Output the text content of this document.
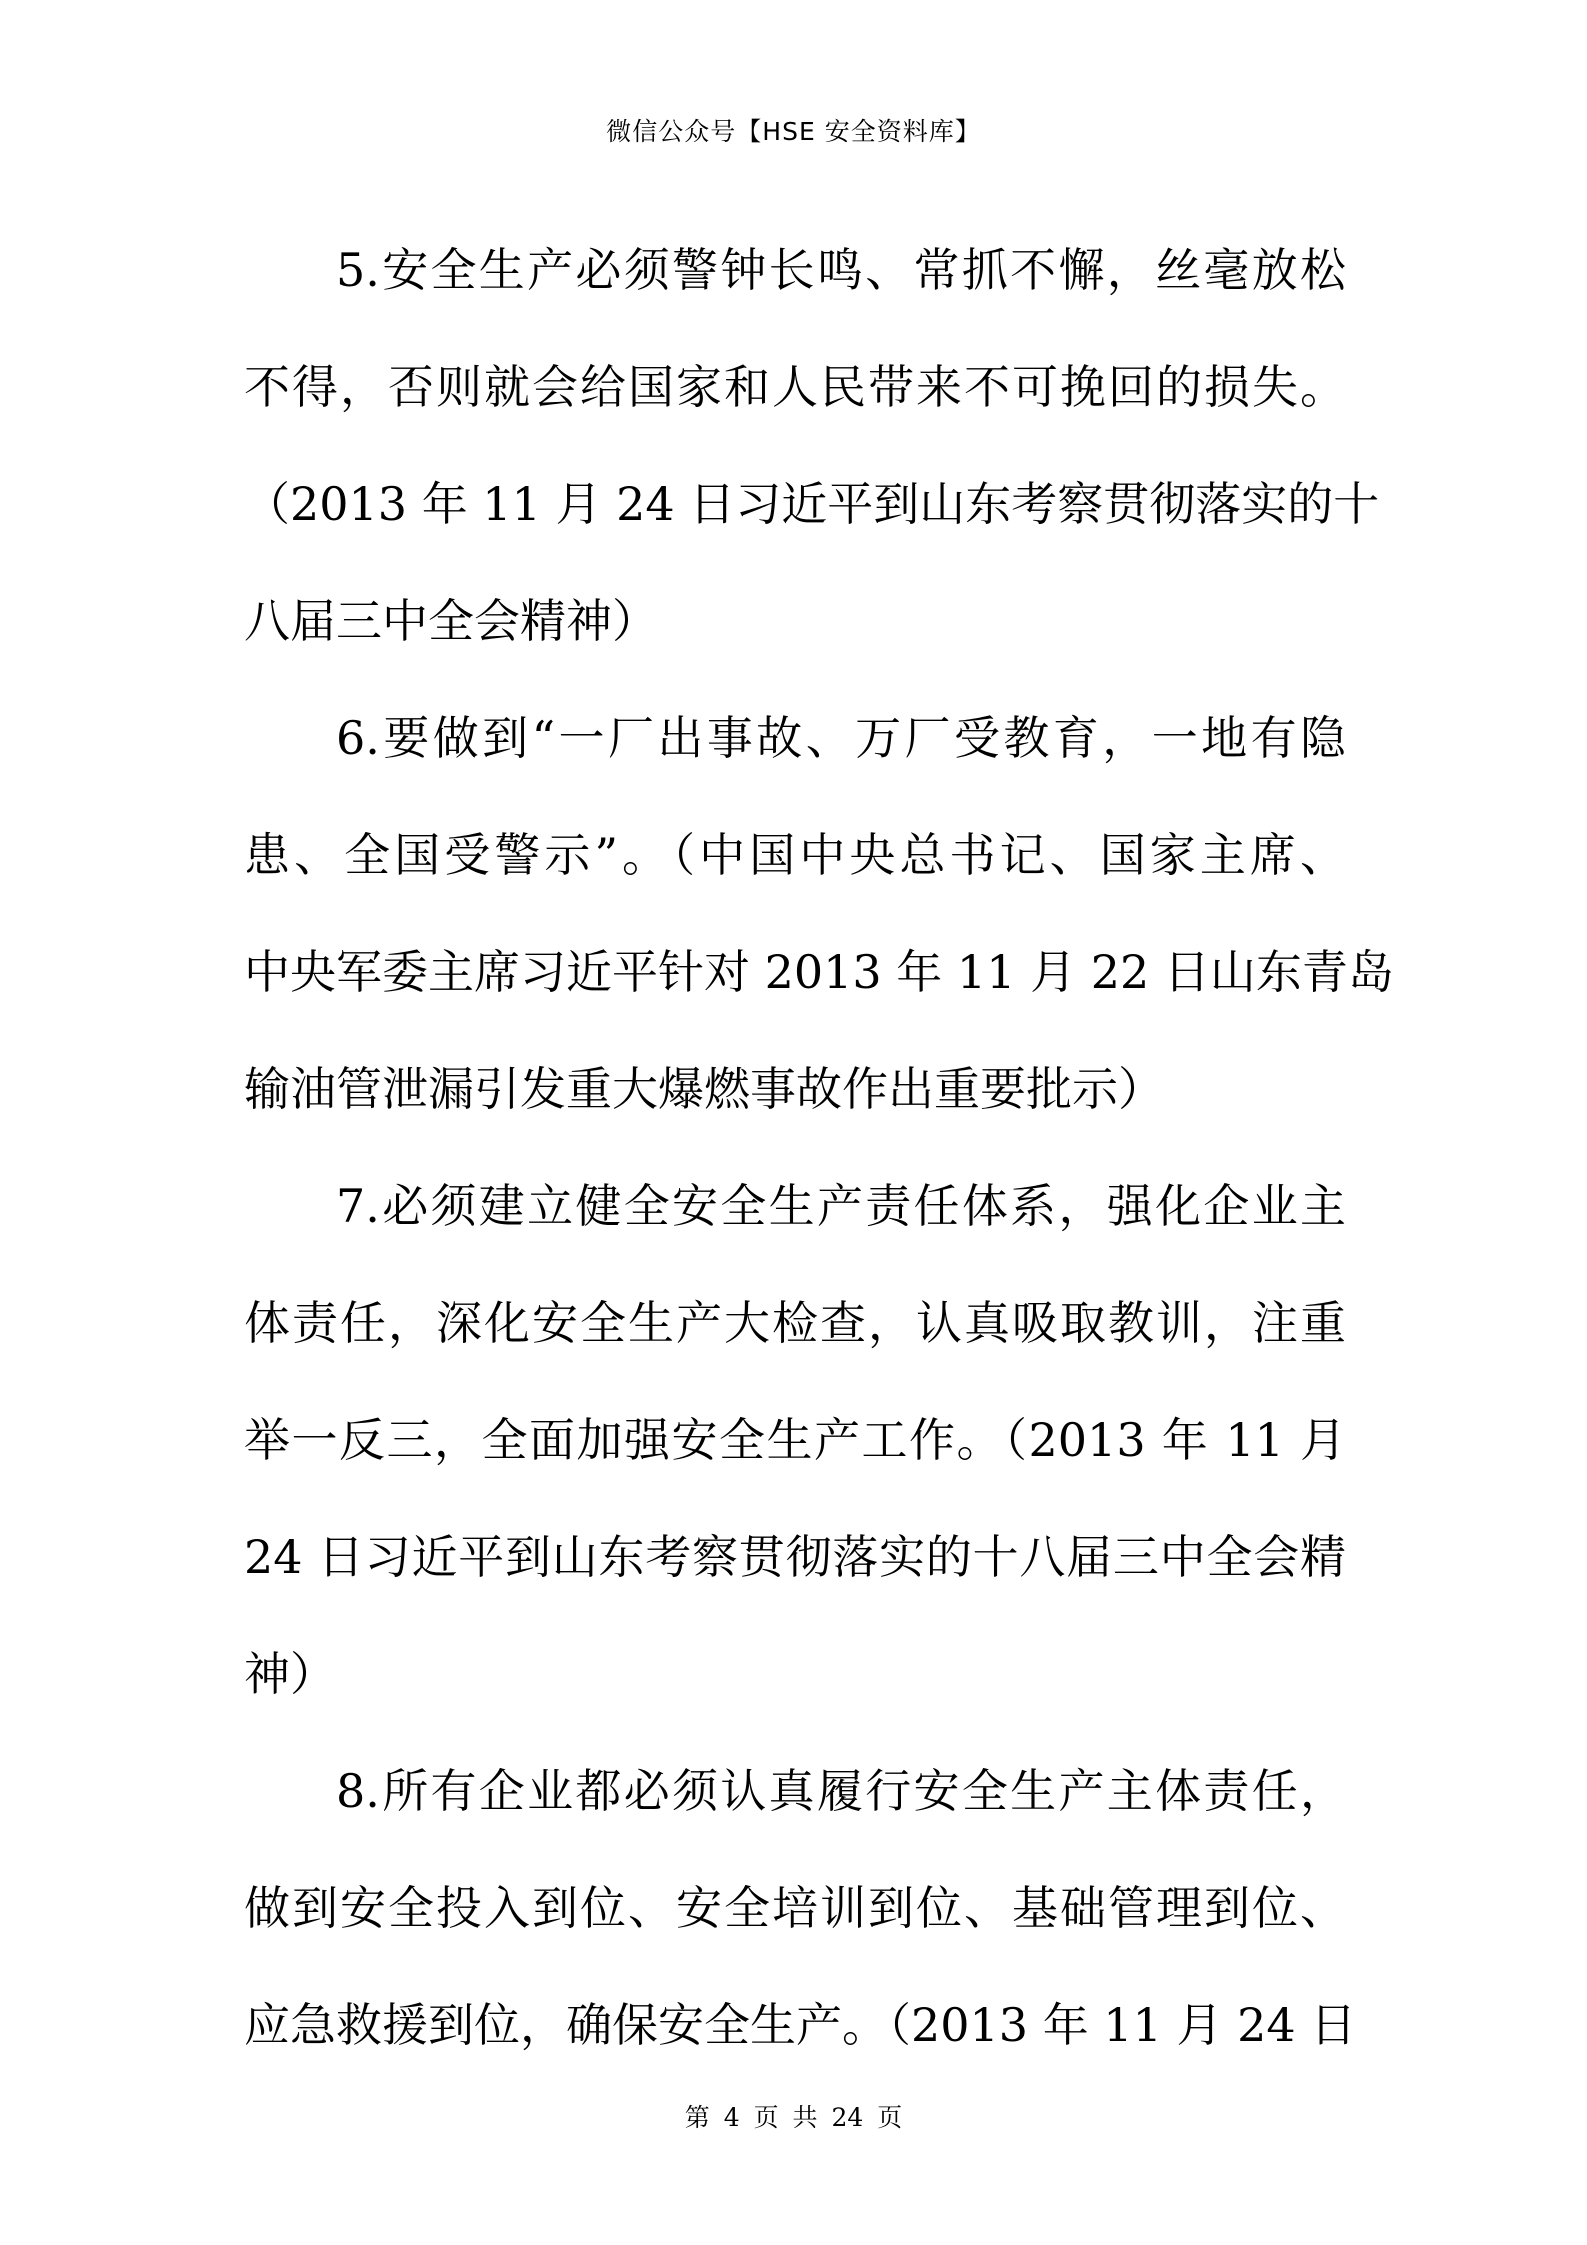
微信公众号【HSE 安全资料库】
5.安全生产必须警钟长鸣、常抓不懈，丝毫放松
不得，否则就会给国家和人民带来不可挽回的损失。
（2013 年 11 月 24 日习近平到山东考察贯彻落实的十
八届三中全会精神）
6.要做到“一厂出事故、万厂受教育，一地有隐
患、全国受警示”。（中国中央总书记、国家主席、
中央军委主席习近平针对 2013 年 11 月 22 日山东青岛
输油管泄漏引发重大爆燃事故作出重要批示）
7.必须建立健全安全生产责任体系，强化企业主
体责任，深化安全生产大检查，认真吸取教训，注重
举一反三，全面加强安全生产工作。（2013 年 11 月
24 日习近平到山东考察贯彻落实的十八届三中全会精
神）
8.所有企业都必须认真履行安全生产主体责任，
做到安全投入到位、安全培训到位、基础管理到位、
应急救援到位，确保安全生产。（2013 年 11 月 24 日
第 4 页 共 24 页
